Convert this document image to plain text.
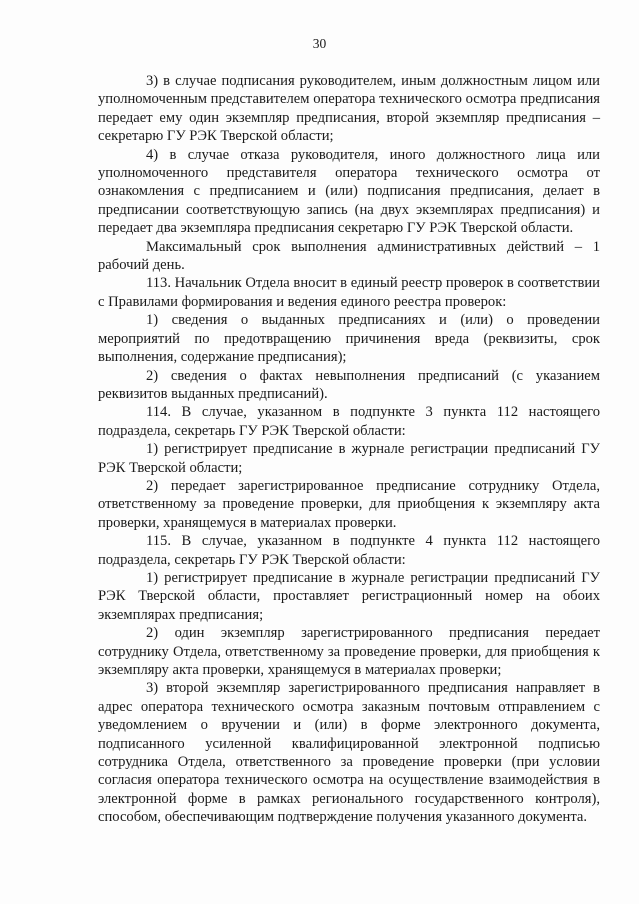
30

3) в случае подписания руководителем, иным должностным лицом или уполномоченным представителем оператора технического осмотра предписания передает ему один экземпляр предписания, второй экземпляр предписания – секретарю ГУ РЭК Тверской области;

4) в случае отказа руководителя, иного должностного лица или уполномоченного представителя оператора технического осмотра от ознакомления с предписанием и (или) подписания предписания, делает в предписании соответствующую запись (на двух экземплярах предписания) и передает два экземпляра предписания секретарю ГУ РЭК Тверской области.

Максимальный срок выполнения административных действий – 1 рабочий день.

113. Начальник Отдела вносит в единый реестр проверок в соответствии с Правилами формирования и ведения единого реестра проверок:

1) сведения о выданных предписаниях и (или) о проведении мероприятий по предотвращению причинения вреда (реквизиты, срок выполнения, содержание предписания);

2) сведения о фактах невыполнения предписаний (с указанием реквизитов выданных предписаний).

114. В случае, указанном в подпункте 3 пункта 112 настоящего подраздела, секретарь ГУ РЭК Тверской области:

1) регистрирует предписание в журнале регистрации предписаний ГУ РЭК Тверской области;

2) передает зарегистрированное предписание сотруднику Отдела, ответственному за проведение проверки, для приобщения к экземпляру акта проверки, хранящемуся в материалах проверки.

115. В случае, указанном в подпункте 4 пункта 112 настоящего подраздела, секретарь ГУ РЭК Тверской области:

1) регистрирует предписание в журнале регистрации предписаний ГУ РЭК Тверской области, проставляет регистрационный номер на обоих экземплярах предписания;

2) один экземпляр зарегистрированного предписания передает сотруднику Отдела, ответственному за проведение проверки, для приобщения к экземпляру акта проверки, хранящемуся в материалах проверки;

3) второй экземпляр зарегистрированного предписания направляет в адрес оператора технического осмотра заказным почтовым отправлением с уведомлением о вручении и (или) в форме электронного документа, подписанного усиленной квалифицированной электронной подписью сотрудника Отдела, ответственного за проведение проверки (при условии согласия оператора технического осмотра на осуществление взаимодействия в электронной форме в рамках регионального государственного контроля), способом, обеспечивающим подтверждение получения указанного документа.
